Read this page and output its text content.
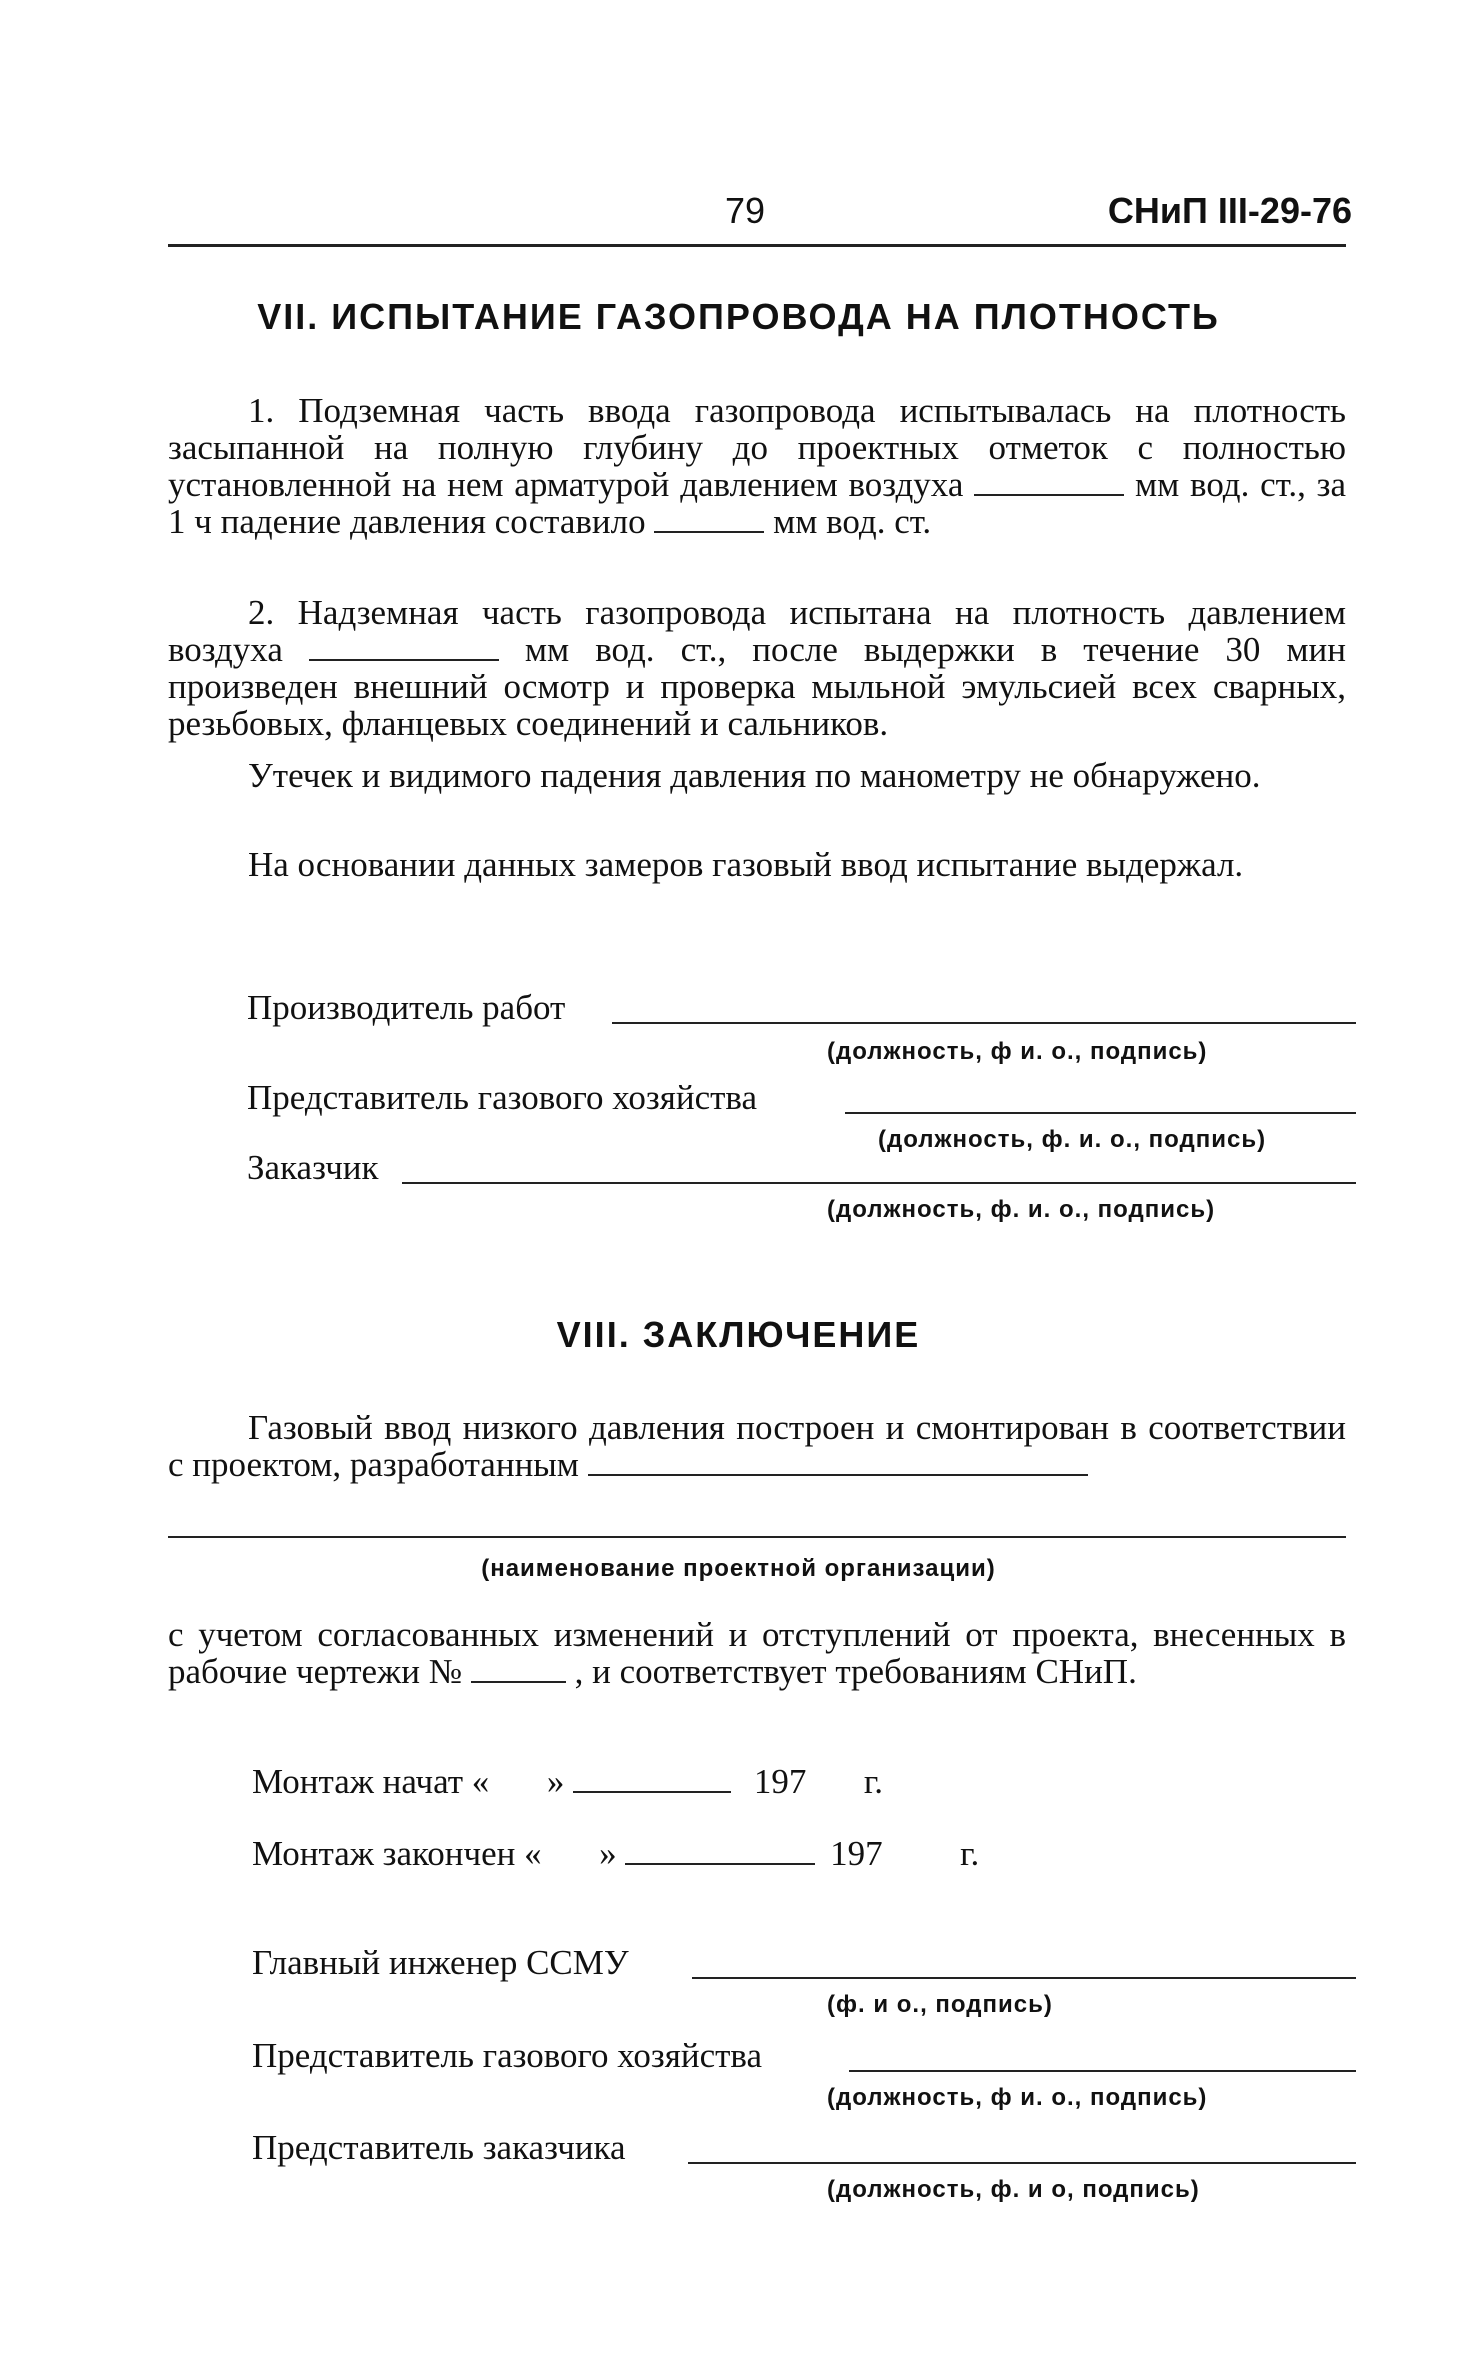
79	СНиП III-29-76
VII. ИСПЫТАНИЕ ГАЗОПРОВОДА НА ПЛОТНОСТЬ
1. Подземная часть ввода газопровода испытывалась на плотность засыпанной на полную глубину до проектных отметок с полностью установленной на нем арматурой давлением воздуха	мм вод. ст., за 1 ч падение давления составило	мм вод. ст.
2. Надземная часть газопровода испытана на плотность давлением воздуха	мм вод. ст., после выдержки в течение 30 мин произведен внешний осмотр и проверка мыльной эмульсией всех сварных, резьбовых, фланцевых соединений и сальников.
Утечек и видимого падения давления по манометру не обнаружено.
На основании данных замеров газовый ввод испытание выдержал.
Производитель работ
(должность, ф и. о., подпись)
Представитель газового хозяйства
(должность, ф. и. о., подпись)
Заказчик
(должность, ф. и. о., подпись)
VIII. ЗАКЛЮЧЕНИЕ
Газовый ввод низкого давления построен и смонтирован в соответствии с проектом, разработанным
(наименование проектной организации)
с учетом согласованных изменений и отступлений от проекта, внесенных в рабочие чертежи №	, и соответствует требованиям СНиП.
Монтаж начат « »	197 г.
Монтаж закончен « »	197 г.
Главный инженер ССМУ
(ф. и о., подпись)
Представитель газового хозяйства
(должность, ф и. о., подпись)
Представитель заказчика
(должность, ф. и о, подпись)
